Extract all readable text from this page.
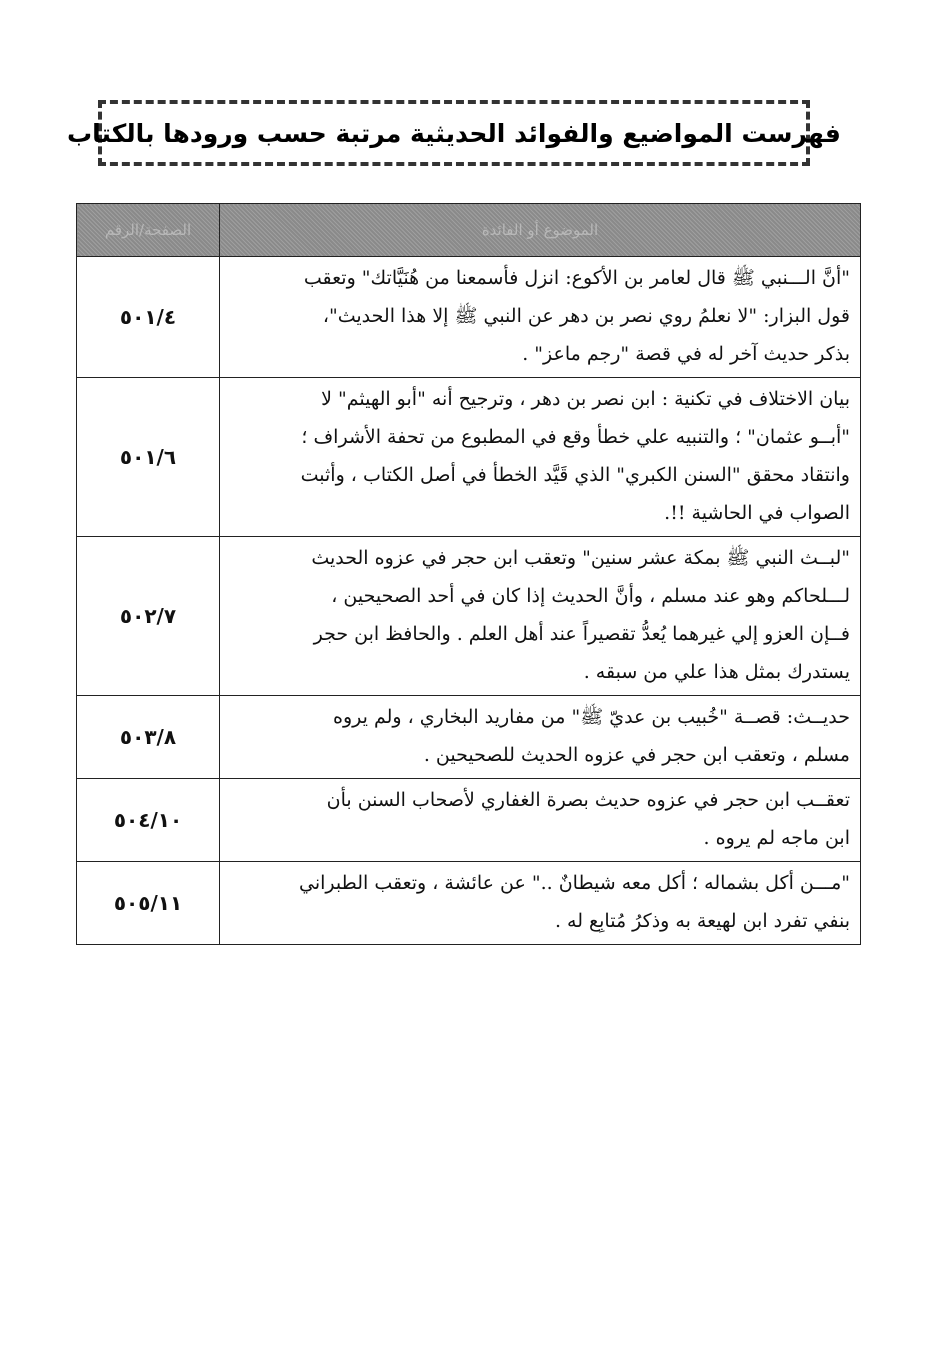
فهرست المواضيع والفوائد الحديثية مرتبة حسب ورودها بالكتاب
الموضوع أو الفائدة	الصفحة/الرقم
"أنَّ الـــنبي ﷺ قال لعامر بن الأكوع: انزل فأسمعنا من هُنَيَّاتك" وتعقب
قول البزار: "لا نعلمُ روي نصر بن دهر عن النبي ﷺ إلا هذا الحديث"،
بذكر حديث آخر له في قصة "رجم ماعز" .	٥٠١/٤
بيان الاختلاف في تكنية : ابن نصر بن دهر ، وترجيح أنه "أبو الهيثم" لا
"أبــو عثمان" ؛ والتنبيه علي خطأ وقع في المطبوع من تحفة الأشراف ؛
وانتقاد محقق "السنن الكبري" الذي قَيَّد الخطأ في أصل الكتاب ، وأثبت
الصواب في الحاشية !!.	٥٠١/٦
"لبــث النبي ﷺ بمكة عشر سنين" وتعقب ابن حجر في عزوه الحديث
لـــلحاكم وهو عند مسلم ، وأنَّ الحديث إذا كان في أحد الصحيحين ،
فــإن العزو إلي غيرهما يُعدُّ تقصيراً عند أهل العلم . والحافظ ابن حجر
يستدرك بمثل هذا علي من سبقه .	٥٠٢/٧
حديــث: قصــة "خُبيب بن عديّ ﷺ" من مفاريد البخاري ، ولم يروه
مسلم ، وتعقب ابن حجر في عزوه الحديث للصحيحين .	٥٠٣/٨
تعقــب ابن حجر في عزوه حديث بصرة الغفاري لأصحاب السنن بأن
ابن ماجه لم يروه .	٥٠٤/١٠
"مـــن أكل بشماله ؛ أكل معه شيطانٌ .." عن عائشة ، وتعقب الطبراني
بنفي تفرد ابن لهيعة به وذكرُ مُتابِع له .	٥٠٥/١١
